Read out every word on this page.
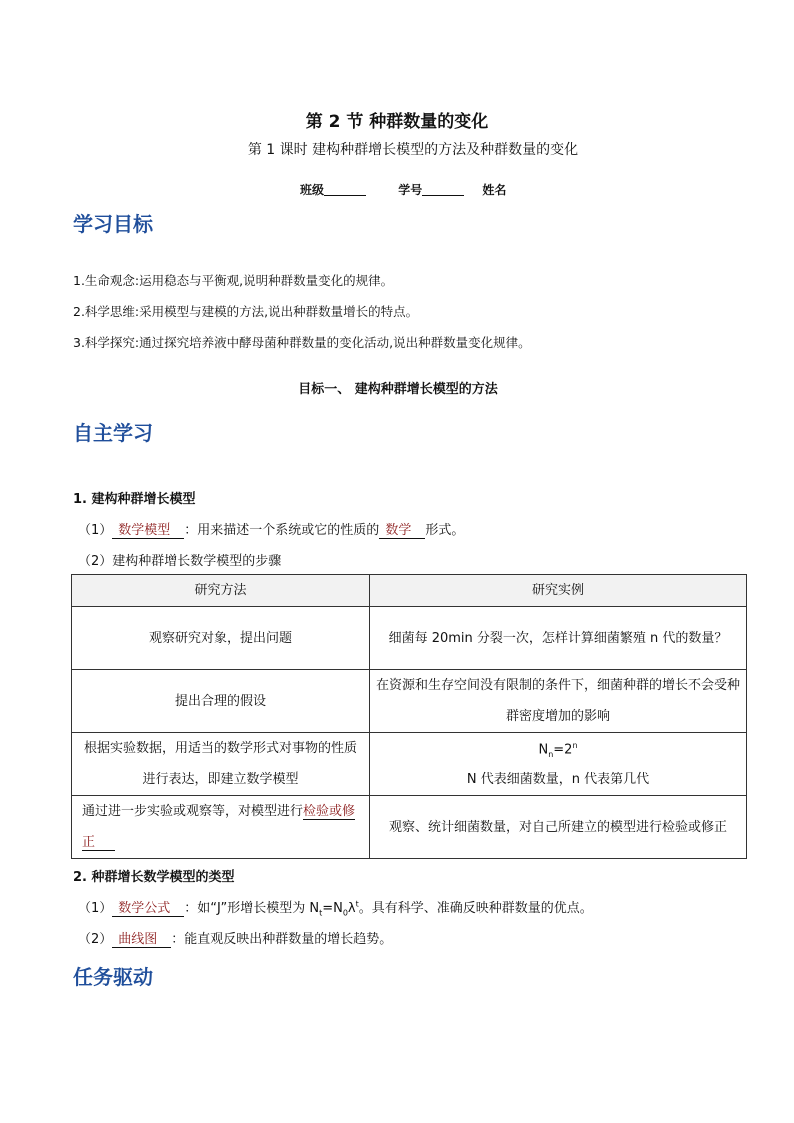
第 2 节 种群数量的变化
第 1 课时 建构种群增长模型的方法及种群数量的变化
班级	学号	姓名
学习目标
1.生命观念:运用稳态与平衡观,说明种群数量变化的规律。
2.科学思维:采用模型与建模的方法,说出种群数量增长的特点。
3.科学探究:通过探究培养液中酵母菌种群数量的变化活动,说出种群数量变化规律。
目标一、 建构种群增长模型的方法
自主学习
1. 建构种群增长模型
（1） 数学模型 ：用来描述一个系统或它的性质的 数学 形式。
（2）建构种群增长数学模型的步骤
研究方法	研究实例
观察研究对象，提出问题	细菌每 20min 分裂一次，怎样计算细菌繁殖 n 代的数量？
提出合理的假设	在资源和生存空间没有限制的条件下，细菌种群的增长不会受种群密度增加的影响
根据实验数据，用适当的数学形式对事物的性质进行表达，即建立数学模型	$N_n=2^n$
N 代表细菌数量，n 代表第几代

通过进一步实验或观察等，对模型进行检验或修正	观察、统计细菌数量，对自己所建立的模型进行检验或修正
2. 种群增长数学模型的类型
（1） 数学公式 ：如“J”形增长模型为 $N_t=N_0\lambda^t$。具有科学、准确反映种群数量的优点。
（2） 曲线图 ：能直观反映出种群数量的增长趋势。
任务驱动
